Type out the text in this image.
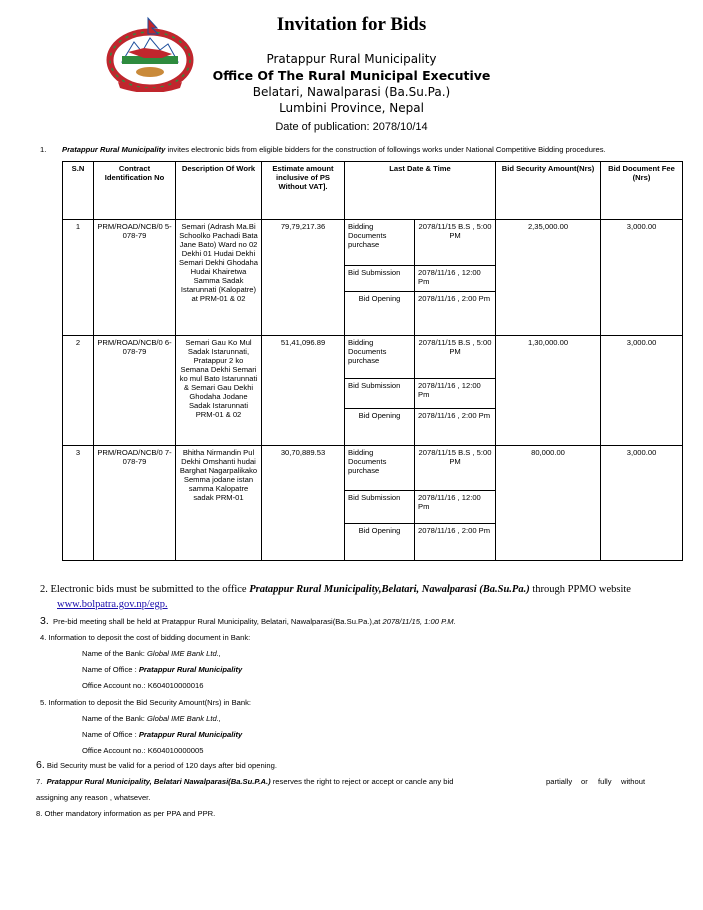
Invitation for Bids
Pratappur Rural Municipality
Office Of The Rural Municipal Executive
Belatari, Nawalparasi (Ba.Su.Pa.)
Lumbini Province, Nepal
Date of publication: 2078/10/14
1. Pratappur Rural Municipality invites electronic bids from eligible bidders for the construction of followings works under National Competitive Bidding procedures.
S.N	Contract Identification No	Description Of Work	Estimate amount inclusive of PS Without VAT].	Last Date & Time		Bid Security Amount(Nrs)	Bid Document Fee (Nrs)
1	PRM/ROAD/NCB/0 5-078-79	Semari (Adrash Ma.Bi Schoolko Pachadi Bata Jane Bato) Ward no 02 Dekhi 01 Hudai Dekhi Semari Dekhi Ghodaha Hudai Khairetwa Samma Sadak Istarunnati (Kalopatre) at PRM-01 & 02	79,79,217.36	Bidding Documents purchase	2078/11/15 B.S , 5:00 PM	2,35,000.00	3,000.00
				Bid Submission	2078/11/16 , 12:00 Pm		
				Bid Opening	2078/11/16 , 2:00 Pm		
2	PRM/ROAD/NCB/0 6-078-79	Semari Gau Ko Mul Sadak Istarunnati, Pratappur 2 ko Semana Dekhi Semari ko mul Bato Istarunnati & Semari Gau Dekhi Ghodaha Jodane Sadak Istarunnati PRM-01 & 02	51,41,096.89	Bidding Documents purchase	2078/11/15 B.S , 5:00 PM	1,30,000.00	3,000.00
				Bid Submission	2078/11/16 , 12:00 Pm		
				Bid Opening	2078/11/16 , 2:00 Pm		
3	PRM/ROAD/NCB/0 7-078-79	Bhitha Nirmandin Pul Dekhi Omshanti hudai Barghat Nagarpalikako Semma jodane istan samma Kalopatre sadak PRM-01	30,70,889.53	Bidding Documents purchase	2078/11/15 B.S , 5:00 PM	80,000.00	3,000.00
				Bid Submission	2078/11/16 , 12:00 Pm		
				Bid Opening	2078/11/16 , 2:00 Pm		
2. Electronic bids must be submitted to the office Pratappur Rural Municipality,Belatari, Nawalparasi (Ba.Su.Pa.) through PPMO website
www.bolpatra.gov.np/egp.
3. Pre-bid meeting shall be held at Pratappur Rural Municipality, Belatari, Nawalparasi(Ba.Su.Pa.),at 2078/11/15, 1:00 P.M.
4. Information to deposit the cost of bidding document in Bank:
Name of the Bank: Global IME Bank Ltd.,
Name of Office : Pratappur Rural Municipality
Office Account no.: K604010000016
5. Information to deposit the Bid Security Amount(Nrs) in Bank:
Name of the Bank: Global IME Bank Ltd.,
Name of Office : Pratappur Rural Municipality
Office Account no.: K604010000005
6. Bid Security must be valid for a period of 120 days after bid opening.
7. Pratappur Rural Municipality, Belatari Nawalparasi(Ba.Su.P.A.) reserves the right to reject or accept or cancle any bid	partially or fully without
assigning any reason , whatsever.
8. Other mandatory information as per PPA and PPR.
